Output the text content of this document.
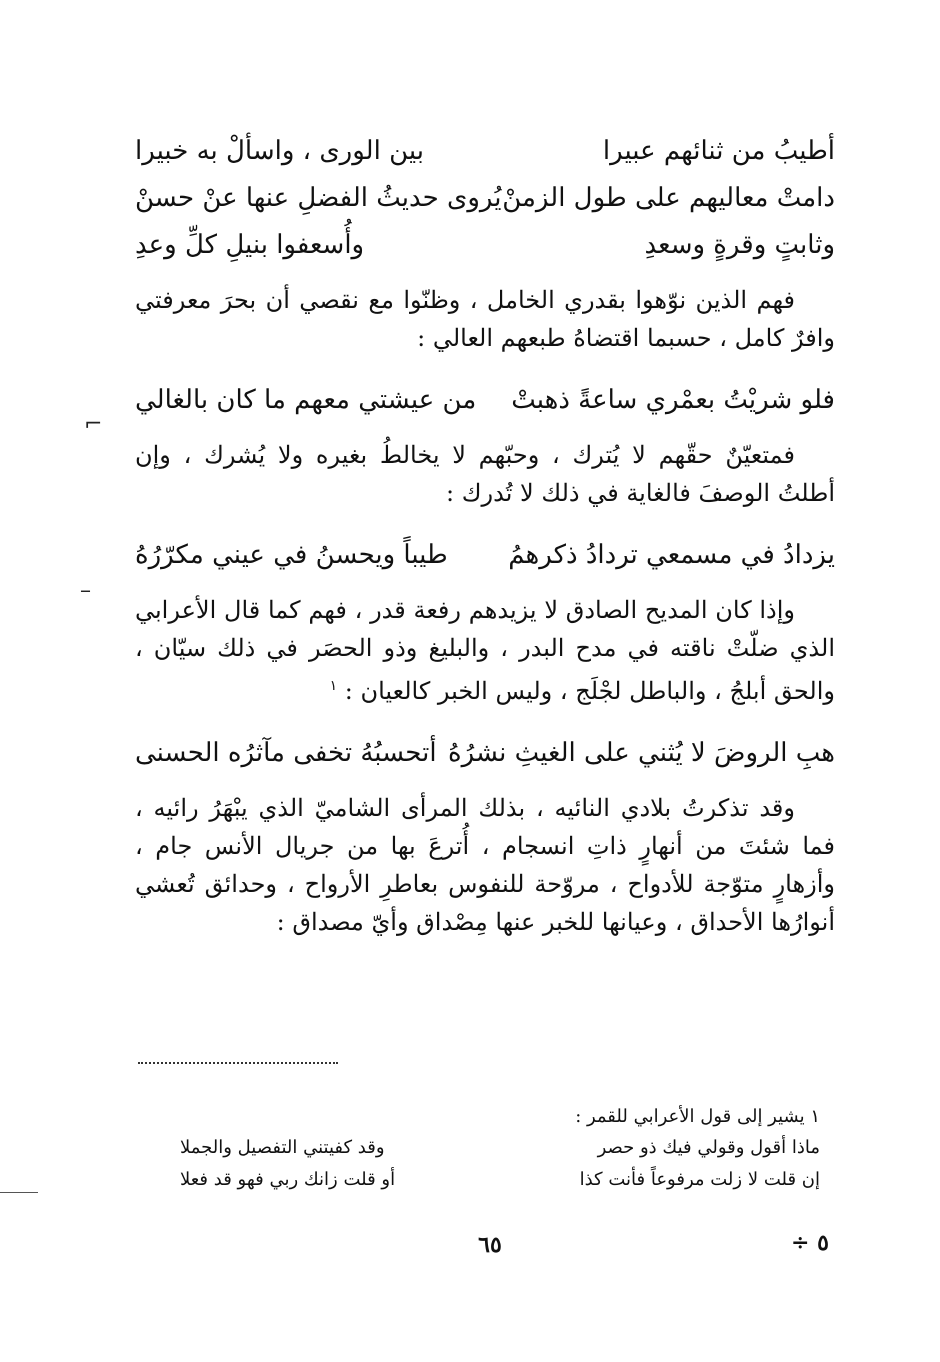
أطيبُ من ثنائهم عبيرا
بين الورى ، واسألْ به خبيرا
دامتْ معاليهم على طول الزمنْ
يُروى حديثُ الفضلِ عنها عنْ حسنْ
وثابتٍ وقرةٍ وسعدِ
وأُسعفوا بنيلِ كلِّ وعدِ

فهم الذين نوّهوا بقدري الخامل ، وظنّوا مع نقصي أن بحرَ معرفتي وافرٌ كامل ، حسبما اقتضاهُ طبعهم العالي :

فلو شريْتُ بعمْري ساعةً ذهبتْ
من عيشتي معهم ما كان بالغالي

فمتعيّنٌ حقّهم لا يُترك ، وحبّهم لا يخالطُ بغيره ولا يُشرك ، وإن أطلتُ الوصفَ فالغاية في ذلك لا تُدرك :

يزدادُ في مسمعي تردادُ ذكرهمُ
طيباً ويحسنُ في عيني مكرّرُهُ

وإذا كان المديح الصادق لا يزيدهم رفعة قدر ، فهم كما قال الأعرابي الذي ضلّتْ ناقته في مدح البدر ، والبليغ وذو الحصَر في ذلك سيّان ، والحق أبلجُ ، والباطل لجْلَج ، وليس الخبر كالعيان : $^١$

هبِ الروضَ لا يُثني على الغيثِ نشرُهُ
أتحسبُهُ تخفى مآثرُه الحسنى

وقد تذكرتُ بلادي النائيه ، بذلك المرأى الشاميّ الذي يبْهَرُ رائيه ، فما شئتَ من أنهارٍ ذاتِ انسجام ، أُترعَ بها من جريال الأنس جام ، وأزهارٍ متوّجة للأدواح ، مروّحة للنفوس بعاطرِ الأرواح ، وحدائق تُعشي أنوارُها الأحداق ، وعيانها للخبر عنها مِصْداق وأيّ مصداق :

١ يشير إلى قول الأعرابي للقمر :
ماذا أقول وقولي فيك ذو حصر
وقد كفيتني التفصيل والجملا
إن قلت لا زلت مرفوعاً فأنت كذا
أو قلت زانك ربي فهو قد فعلا
٦٥	٥ ÷
⌐
–
